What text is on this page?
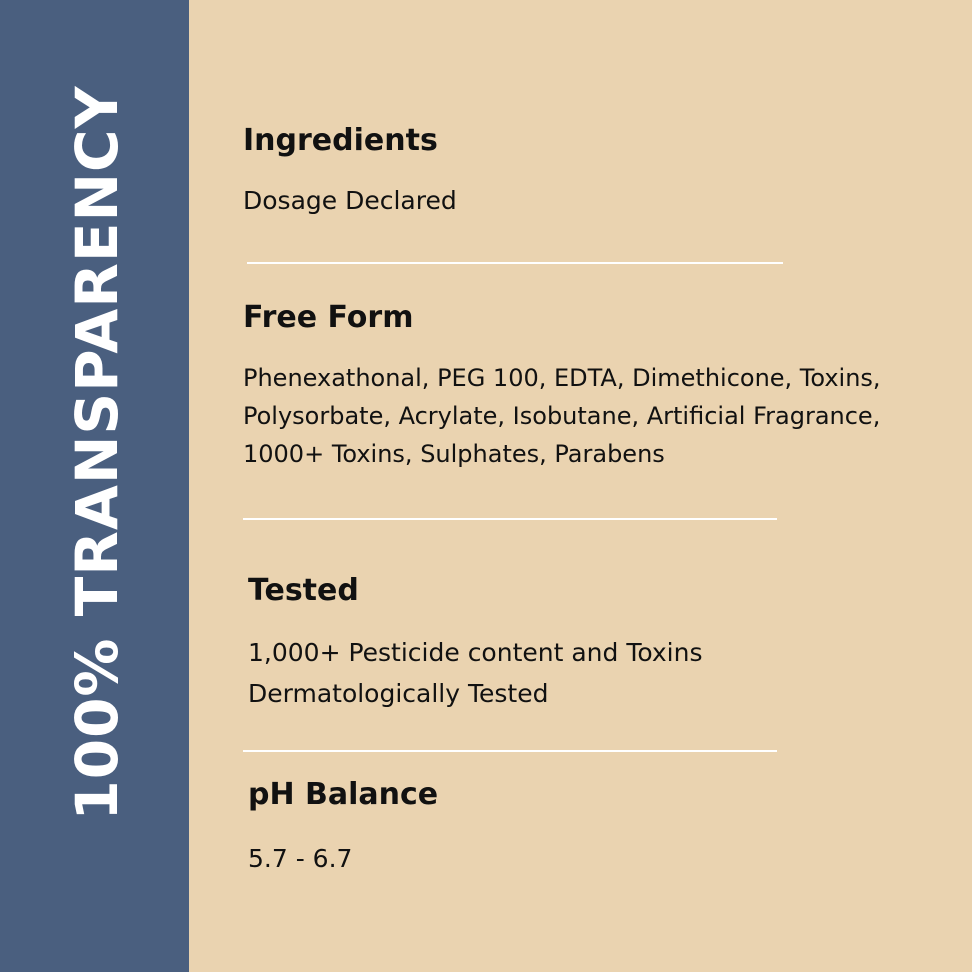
100% TRANSPARENCY	Ingredients
Dosage Declared
Free Form
Phenexathonal, PEG 100, EDTA, Dimethicone, Toxins,
Polysorbate, Acrylate, Isobutane, Artificial Fragrance,
1000+ Toxins, Sulphates, Parabens
Tested
1,000+ Pesticide content and Toxins
Dermatologically Tested
pH Balance
5.7 - 6.7
